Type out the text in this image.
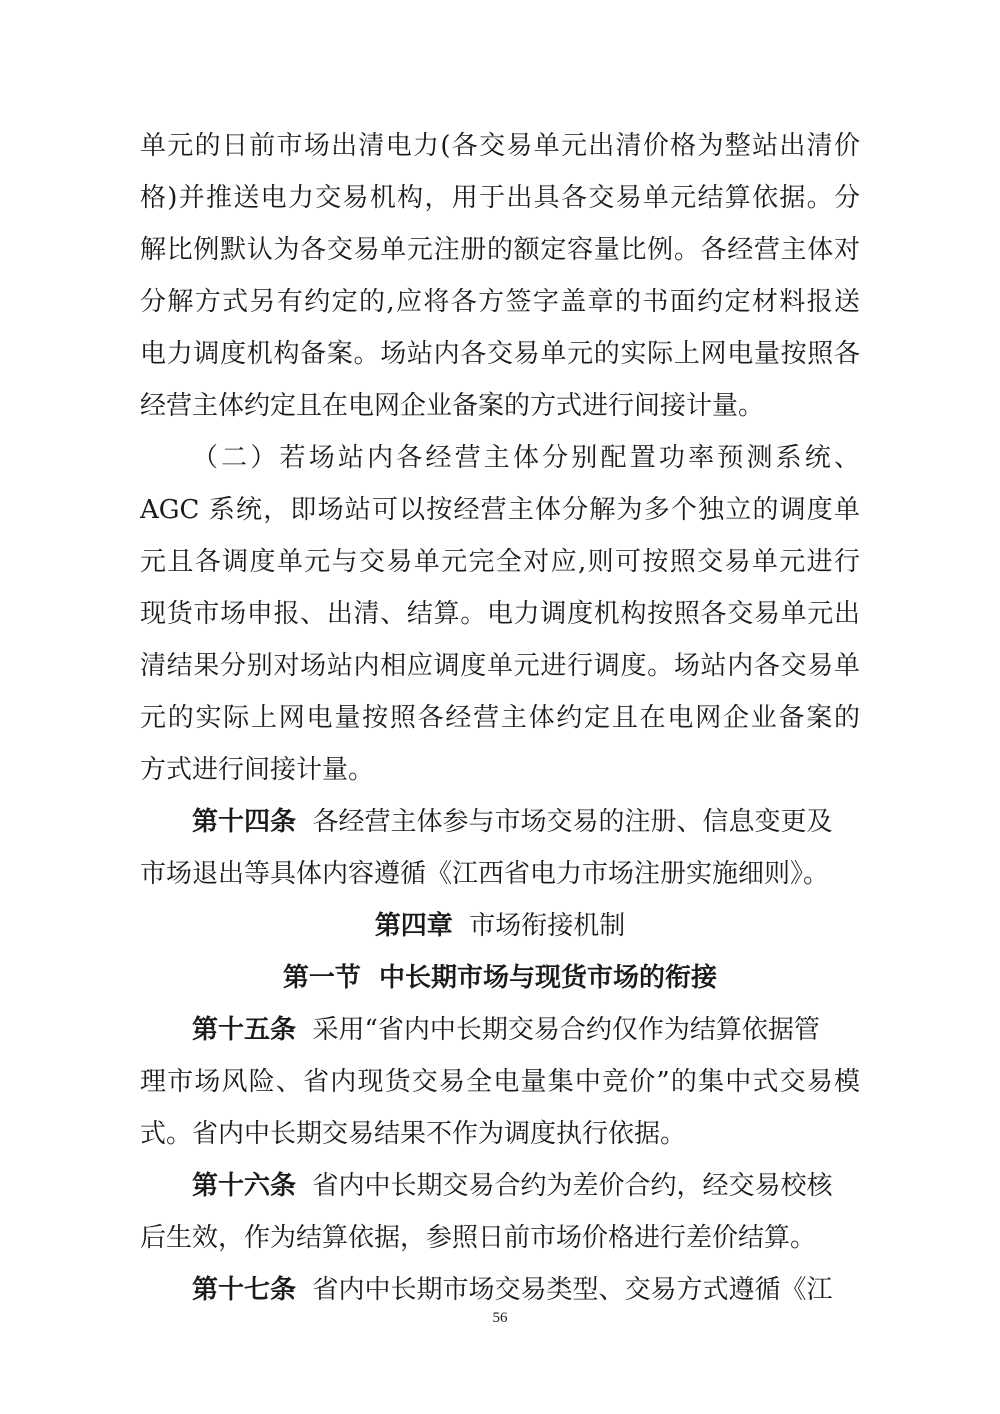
单元的日前市场出清电力(各交易单元出清价格为整站出清价
格)并推送电力交易机构，用于出具各交易单元结算依据。分
解比例默认为各交易单元注册的额定容量比例。各经营主体对
分解方式另有约定的,应将各方签字盖章的书面约定材料报送
电力调度机构备案。场站内各交易单元的实际上网电量按照各
经营主体约定且在电网企业备案的方式进行间接计量。
（二）若场站内各经营主体分别配置功率预测系统、
AGC 系统，即场站可以按经营主体分解为多个独立的调度单
元且各调度单元与交易单元完全对应,则可按照交易单元进行
现货市场申报、出清、结算。电力调度机构按照各交易单元出
清结果分别对场站内相应调度单元进行调度。场站内各交易单
元的实际上网电量按照各经营主体约定且在电网企业备案的
方式进行间接计量。
第十四条 各经营主体参与市场交易的注册、信息变更及
市场退出等具体内容遵循《江西省电力市场注册实施细则》。
第四章 市场衔接机制
第一节 中长期市场与现货市场的衔接
第十五条 采用“省内中长期交易合约仅作为结算依据管
理市场风险、省内现货交易全电量集中竞价”的集中式交易模
式。省内中长期交易结果不作为调度执行依据。
第十六条 省内中长期交易合约为差价合约，经交易校核
后生效，作为结算依据，参照日前市场价格进行差价结算。
第十七条 省内中长期市场交易类型、交易方式遵循《江
56
